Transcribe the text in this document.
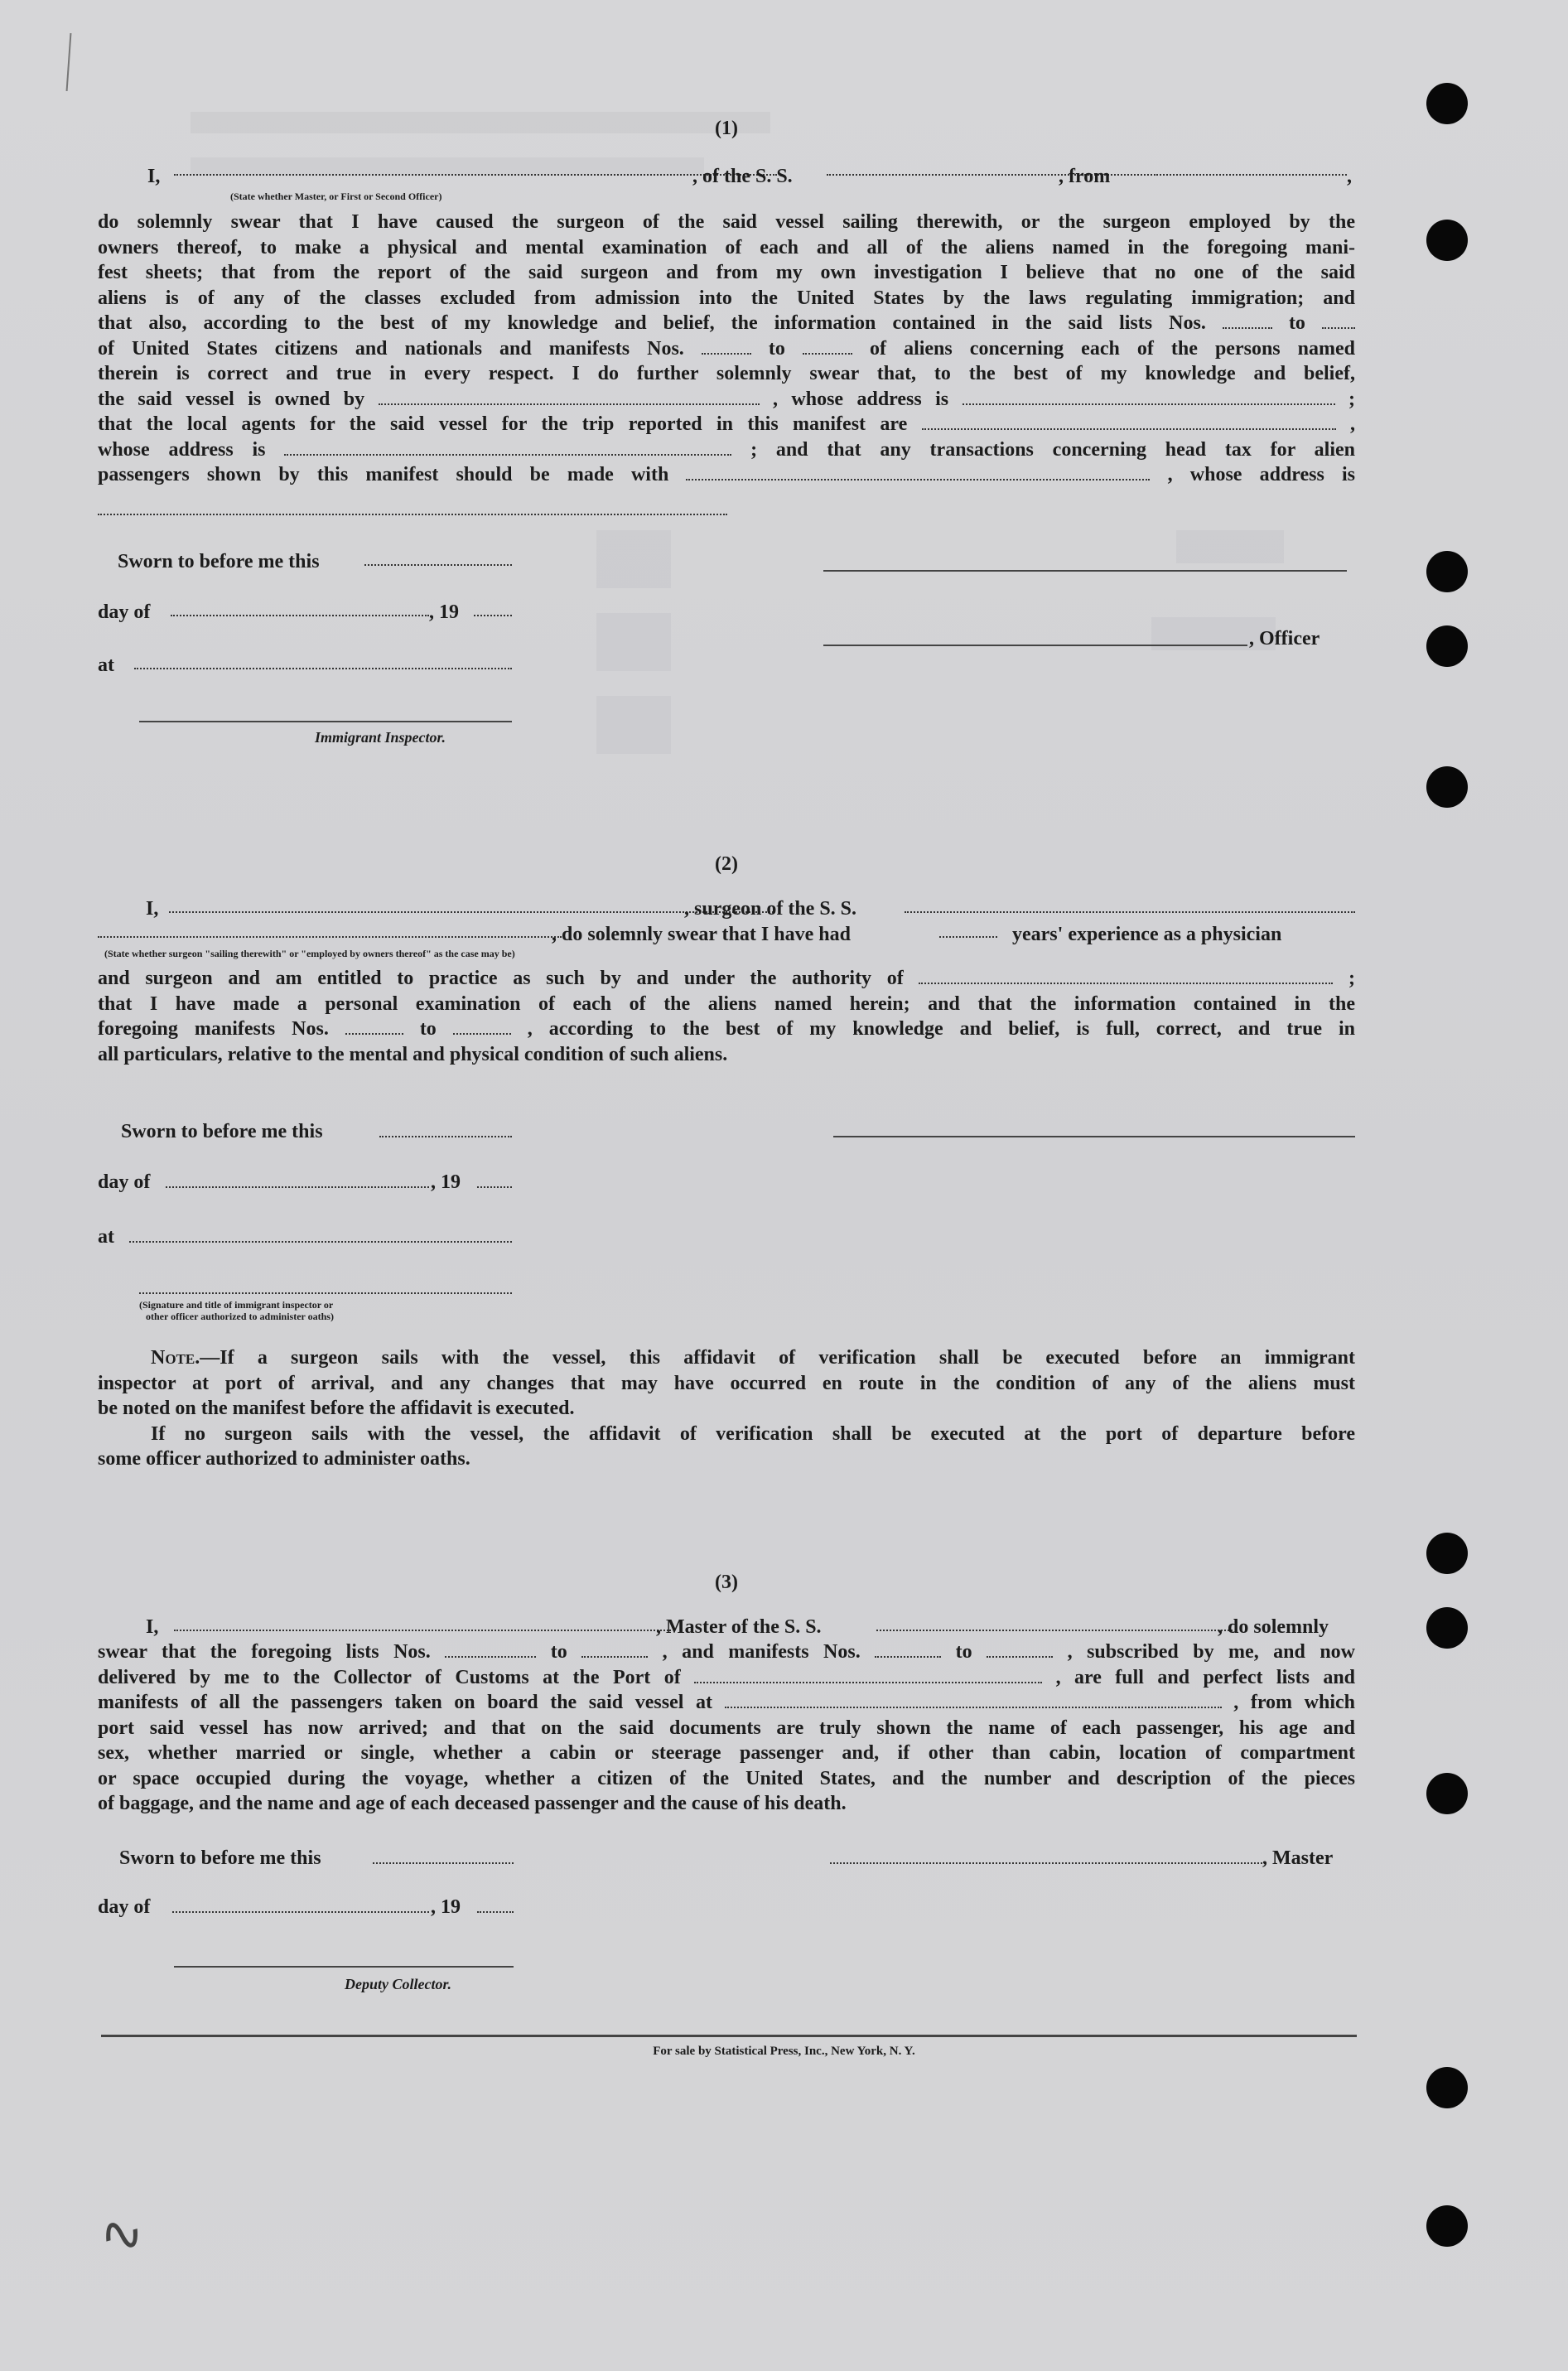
(1)
I,	, of the S. S.	, from	,
(State whether Master, or First or Second Officer)

do solemnly swear that I have caused the surgeon of the said vessel sailing therewith, or the surgeon employed by the

owners thereof, to make a physical and mental examination of each and all of the aliens named in the foregoing mani-

fest sheets; that from the report of the said surgeon and from my own investigation I believe that no one of the said

aliens is of any of the classes excluded from admission into the United States by the laws regulating immigration; and

that also, according to the best of my knowledge and belief, the information contained in the said lists Nos.	to

of United States citizens and nationals and manifests Nos.	to	of aliens concerning each of the persons named

therein is correct and true in every respect. I do further solemnly swear that, to the best of my knowledge and belief,

the said vessel is owned by	, whose address is	;

that the local agents for the said vessel for the trip reported in this manifest are	,

whose address is	; and that any transactions concerning head tax for alien

passengers shown by this manifest should be made with	, whose address is

Sworn to before me this
day of	, 19
at
, Officer
Immigrant Inspector.
(2)
I,	, surgeon of the S. S.
, do solemnly swear that I have had	years' experience as a physician
(State whether surgeon "sailing therewith" or "employed by owners thereof" as the case may be)

and surgeon and am entitled to practice as such by and under the authority of	;

that I have made a personal examination of each of the aliens named herein; and that the information contained in the

foregoing manifests Nos.	to	, according to the best of my knowledge and belief, is full, correct, and true in

all particulars, relative to the mental and physical condition of such aliens.

Sworn to before me this
day of	, 19
at
(Signature and title of immigrant inspector or
other officer authorized to administer oaths)

Note.—If a surgeon sails with the vessel, this affidavit of verification shall be executed before an immigrant

inspector at port of arrival, and any changes that may have occurred en route in the condition of any of the aliens must

be noted on the manifest before the affidavit is executed.

If no surgeon sails with the vessel, the affidavit of verification shall be executed at the port of departure before

some officer authorized to administer oaths.

(3)
I,	, Master of the S. S.	, do solemnly

swear that the foregoing lists Nos.	to	, and manifests Nos.	to	, subscribed by me, and now

delivered by me to the Collector of Customs at the Port of	, are full and perfect lists and

manifests of all the passengers taken on board the said vessel at	, from which

port said vessel has now arrived; and that on the said documents are truly shown the name of each passenger, his age and

sex, whether married or single, whether a cabin or steerage passenger and, if other than cabin, location of compartment

or space occupied during the voyage, whether a citizen of the United States, and the number and description of the pieces

of baggage, and the name and age of each deceased passenger and the cause of his death.

Sworn to before me this	, Master
day of	, 19
Deputy Collector.
For sale by Statistical Press, Inc., New York, N. Y.
∿
